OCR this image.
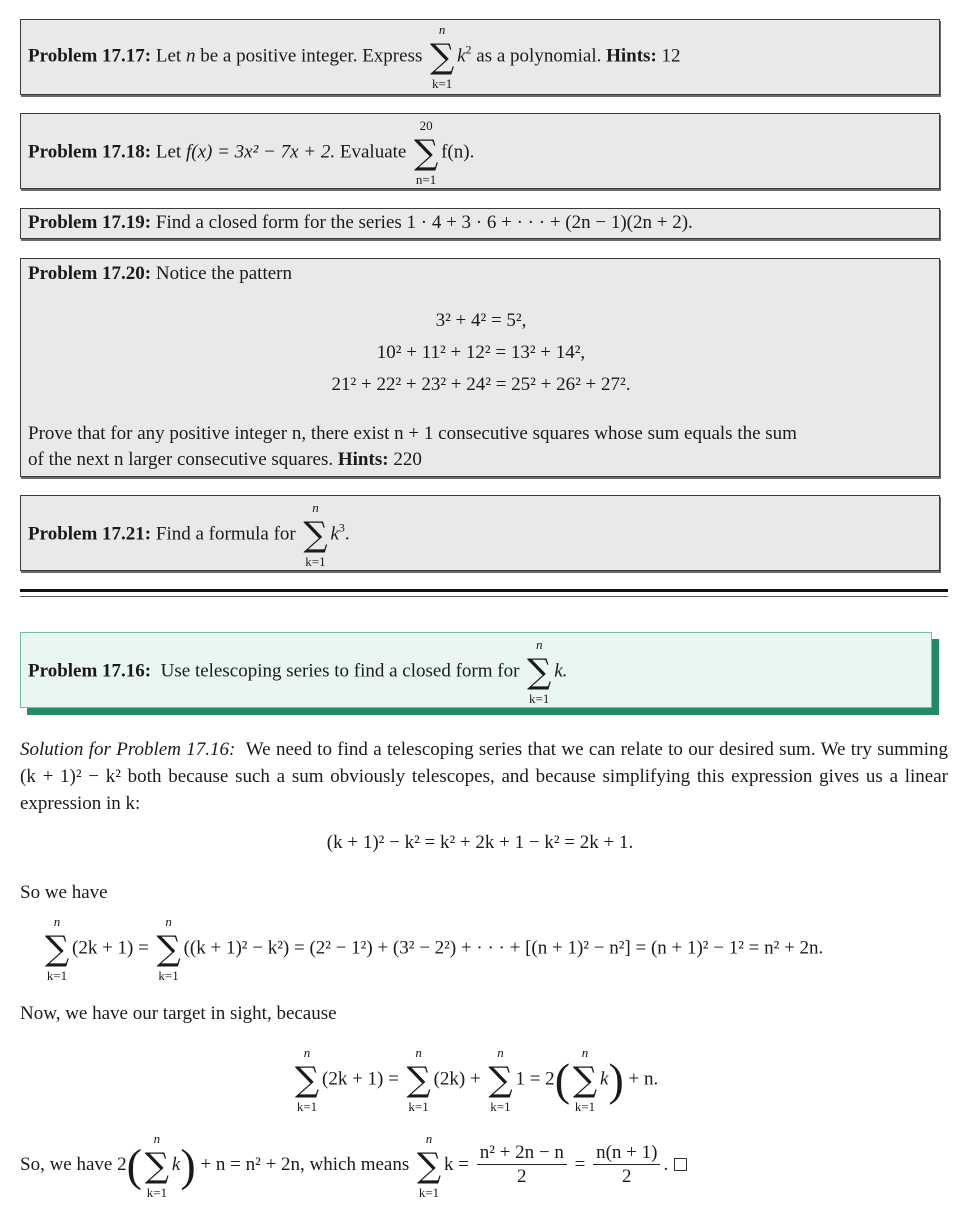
Problem 17.17: Let n be a positive integer. Express
n
∑
k=1
$k^2$ as a polynomial. Hints: 12
Problem 17.18: Let f(x) = 3x² − 7x + 2. Evaluate
20
∑
n=1
f(n).
Problem 17.19: Find a closed form for the series 1 · 4 + 3 · 6 + · · · + (2n − 1)(2n + 2).
Problem 17.20: Notice the pattern
3² + 4² = 5²,
10² + 11² + 12² = 13² + 14²,
21² + 22² + 23² + 24² = 25² + 26² + 27².
Prove that for any positive integer n, there exist n + 1 consecutive squares whose sum equals the sum
of the next n larger consecutive squares. Hints: 220
Problem 17.21: Find a formula for
n
∑
k=1
$k^3$.
Problem 17.16: Use telescoping series to find a closed form for
n
∑
k=1
k.
Solution for Problem 17.16: We need to find a telescoping series that we can relate to our desired sum. We try summing (k + 1)² − k² both because such a sum obviously telescopes, and because simplifying this expression gives us a linear expression in k:
(k + 1)² − k² = k² + 2k + 1 − k² = 2k + 1.
So we have
n
∑
k=1
(2k + 1) =
n
∑
k=1
((k + 1)² − k²) = (2² − 1²) + (3² − 2²) + · · · + [(n + 1)² − n²] = (n + 1)² − 1² = n² + 2n.
Now, we have our target in sight, because
n
∑
k=1
(2k + 1) =
n
∑
k=1
(2k) +
n
∑
k=1
1 = 2(
n
∑
k=1
k) + n.
So, we have 2(
n
∑
k=1
k) + n = n² + 2n, which means
n
∑
k=1
$k = \frac{\text{n² + 2n − n}}{2} = \frac{n(n + 1)}{2}$ .
